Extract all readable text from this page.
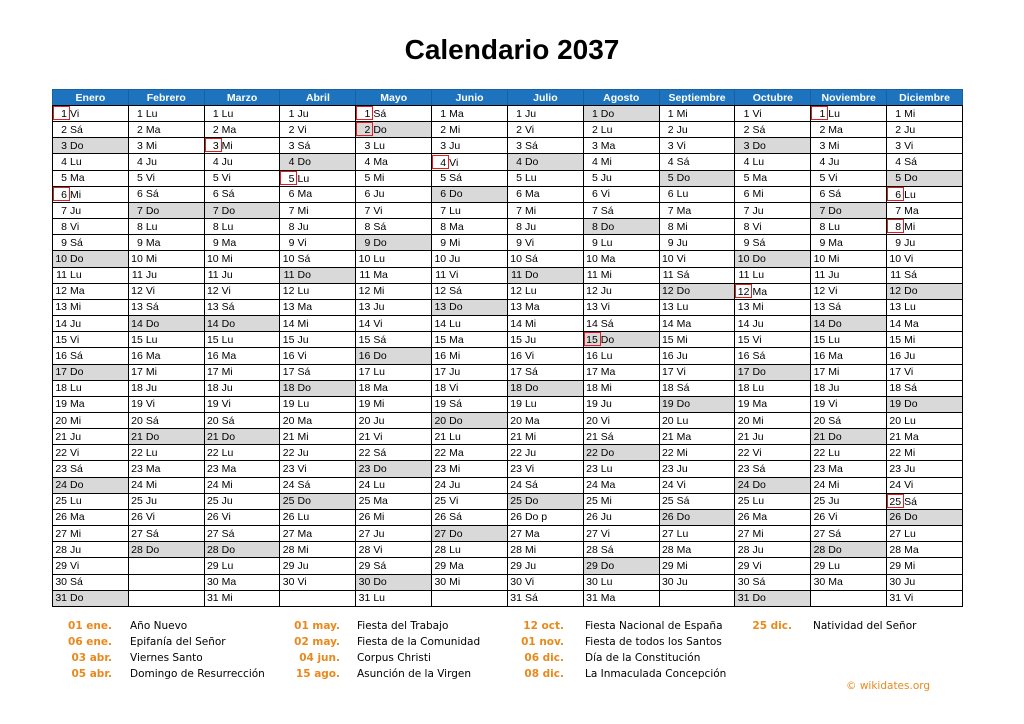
Calendario 2037
Enero	Febrero	Marzo	Abril	Mayo	Junio	Julio	Agosto	Septiembre	Octubre	Noviembre	Diciembre
1 Vi	1 Lu	1 Lu	1 Ju	1 Sá	1 Ma	1 Ju	1 Do	1 Mi	1 Vi	1 Lu	1 Mi
2 Sá	2 Ma	2 Ma	2 Vi	2 Do	2 Mi	2 Vi	2 Lu	2 Ju	2 Sá	2 Ma	2 Ju
3 Do	3 Mi	3 Mi	3 Sá	3 Lu	3 Ju	3 Sá	3 Ma	3 Vi	3 Do	3 Mi	3 Vi
4 Lu	4 Ju	4 Ju	4 Do	4 Ma	4 Vi	4 Do	4 Mi	4 Sá	4 Lu	4 Ju	4 Sá
5 Ma	5 Vi	5 Vi	5 Lu	5 Mi	5 Sá	5 Lu	5 Ju	5 Do	5 Ma	5 Vi	5 Do
6 Mi	6 Sá	6 Sá	6 Ma	6 Ju	6 Do	6 Ma	6 Vi	6 Lu	6 Mi	6 Sá	6 Lu
7 Ju	7 Do	7 Do	7 Mi	7 Vi	7 Lu	7 Mi	7 Sá	7 Ma	7 Ju	7 Do	7 Ma
8 Vi	8 Lu	8 Lu	8 Ju	8 Sá	8 Ma	8 Ju	8 Do	8 Mi	8 Vi	8 Lu	8 Mi
9 Sá	9 Ma	9 Ma	9 Vi	9 Do	9 Mi	9 Vi	9 Lu	9 Ju	9 Sá	9 Ma	9 Ju
10 Do	10 Mi	10 Mi	10 Sá	10 Lu	10 Ju	10 Sá	10 Ma	10 Vi	10 Do	10 Mi	10 Vi
11 Lu	11 Ju	11 Ju	11 Do	11 Ma	11 Vi	11 Do	11 Mi	11 Sá	11 Lu	11 Ju	11 Sá
12 Ma	12 Vi	12 Vi	12 Lu	12 Mi	12 Sá	12 Lu	12 Ju	12 Do	12 Ma	12 Vi	12 Do
13 Mi	13 Sá	13 Sá	13 Ma	13 Ju	13 Do	13 Ma	13 Vi	13 Lu	13 Mi	13 Sá	13 Lu
14 Ju	14 Do	14 Do	14 Mi	14 Vi	14 Lu	14 Mi	14 Sá	14 Ma	14 Ju	14 Do	14 Ma
15 Vi	15 Lu	15 Lu	15 Ju	15 Sá	15 Ma	15 Ju	15 Do	15 Mi	15 Vi	15 Lu	15 Mi
16 Sá	16 Ma	16 Ma	16 Vi	16 Do	16 Mi	16 Vi	16 Lu	16 Ju	16 Sá	16 Ma	16 Ju
17 Do	17 Mi	17 Mi	17 Sá	17 Lu	17 Ju	17 Sá	17 Ma	17 Vi	17 Do	17 Mi	17 Vi
18 Lu	18 Ju	18 Ju	18 Do	18 Ma	18 Vi	18 Do	18 Mi	18 Sá	18 Lu	18 Ju	18 Sá
19 Ma	19 Vi	19 Vi	19 Lu	19 Mi	19 Sá	19 Lu	19 Ju	19 Do	19 Ma	19 Vi	19 Do
20 Mi	20 Sá	20 Sá	20 Ma	20 Ju	20 Do	20 Ma	20 Vi	20 Lu	20 Mi	20 Sá	20 Lu
21 Ju	21 Do	21 Do	21 Mi	21 Vi	21 Lu	21 Mi	21 Sá	21 Ma	21 Ju	21 Do	21 Ma
22 Vi	22 Lu	22 Lu	22 Ju	22 Sá	22 Ma	22 Ju	22 Do	22 Mi	22 Vi	22 Lu	22 Mi
23 Sá	23 Ma	23 Ma	23 Vi	23 Do	23 Mi	23 Vi	23 Lu	23 Ju	23 Sá	23 Ma	23 Ju
24 Do	24 Mi	24 Mi	24 Sá	24 Lu	24 Ju	24 Sá	24 Ma	24 Vi	24 Do	24 Mi	24 Vi
25 Lu	25 Ju	25 Ju	25 Do	25 Ma	25 Vi	25 Do	25 Mi	25 Sá	25 Lu	25 Ju	25 Sá
26 Ma	26 Vi	26 Vi	26 Lu	26 Mi	26 Sá	26 Do p	26 Ju	26 Do	26 Ma	26 Vi	26 Do
27 Mi	27 Sá	27 Sá	27 Ma	27 Ju	27 Do	27 Ma	27 Vi	27 Lu	27 Mi	27 Sá	27 Lu
28 Ju	28 Do	28 Do	28 Mi	28 Vi	28 Lu	28 Mi	28 Sá	28 Ma	28 Ju	28 Do	28 Ma
29 Vi		29 Lu	29 Ju	29 Sá	29 Ma	29 Ju	29 Do	29 Mi	29 Vi	29 Lu	29 Mi
30 Sá		30 Ma	30 Vi	30 Do	30 Mi	30 Vi	30 Lu	30 Ju	30 Sá	30 Ma	30 Ju
31 Do		31 Mi		31 Lu		31 Sá	31 Ma		31 Do		31 Vi
01 ene. Año Nuevo
06 ene. Epifanía del Señor
03 abr. Viernes Santo
05 abr. Domingo de Resurrección
01 may. Fiesta del Trabajo
02 may. Fiesta de la Comunidad
04 jun. Corpus Christi
15 ago. Asunción de la Virgen
12 oct. Fiesta Nacional de España
01 nov. Fiesta de todos los Santos
06 dic. Día de la Constitución
08 dic. La Inmaculada Concepción
25 dic. Natividad del Señor
© wikidates.org
